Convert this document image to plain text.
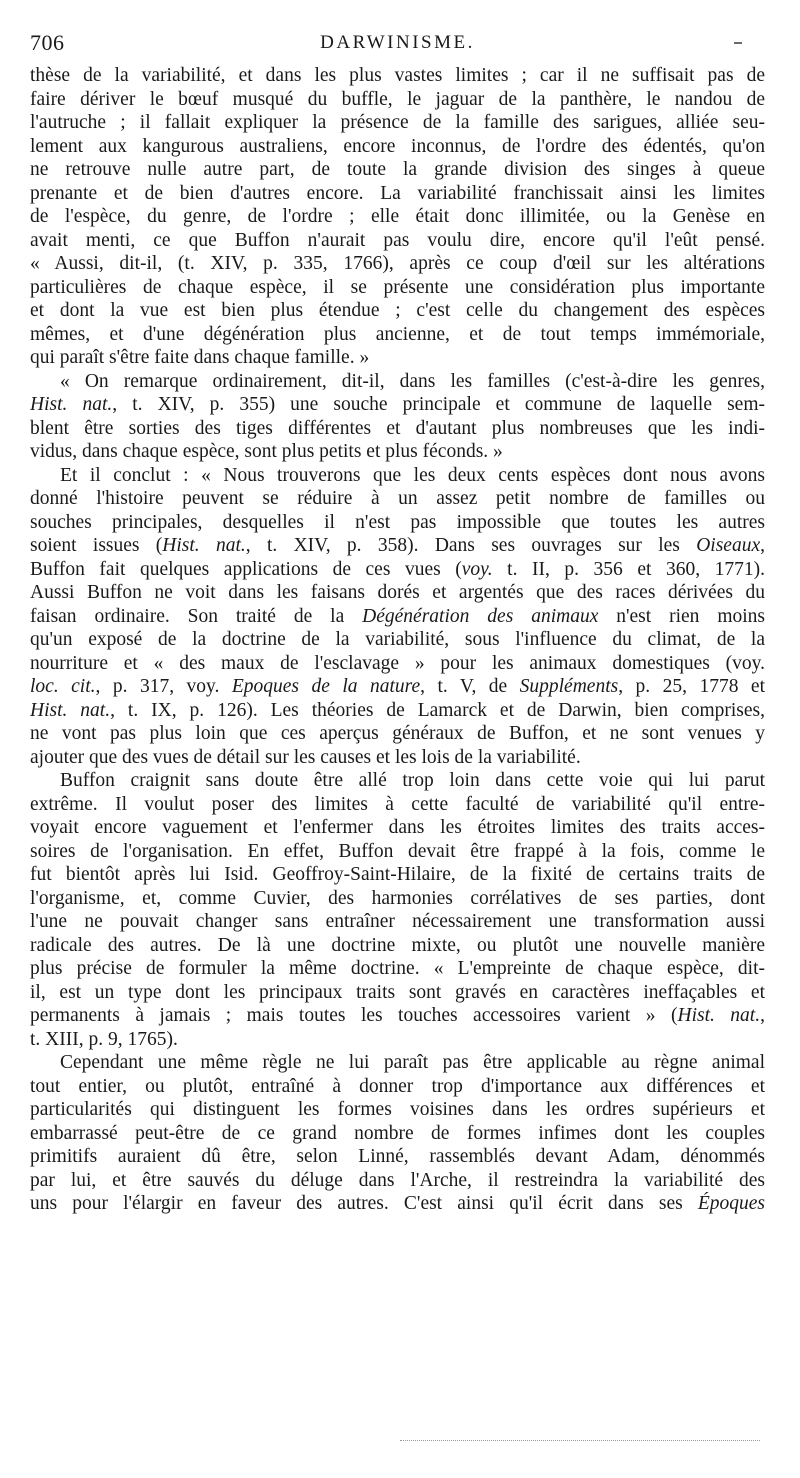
706	DARWINISME.
thèse de la variabilité, et dans les plus vastes limites ; car il ne suffisait pas de
faire dériver le bœuf musqué du buffle, le jaguar de la panthère, le nandou de
l'autruche ; il fallait expliquer la présence de la famille des sarigues, alliée seu-
lement aux kangurous australiens, encore inconnus, de l'ordre des édentés, qu'on
ne retrouve nulle autre part, de toute la grande division des singes à queue
prenante et de bien d'autres encore. La variabilité franchissait ainsi les limites
de l'espèce, du genre, de l'ordre ; elle était donc illimitée, ou la Genèse en
avait menti, ce que Buffon n'aurait pas voulu dire, encore qu'il l'eût pensé.
« Aussi, dit-il, (t. XIV, p. 335, 1766), après ce coup d'œil sur les altérations
particulières de chaque espèce, il se présente une considération plus importante
et dont la vue est bien plus étendue ; c'est celle du changement des espèces
mêmes, et d'une dégénération plus ancienne, et de tout temps immémoriale,
qui paraît s'être faite dans chaque famille. »
« On remarque ordinairement, dit-il, dans les familles (c'est-à-dire les genres,
Hist. nat., t. XIV, p. 355) une souche principale et commune de laquelle sem-
blent être sorties des tiges différentes et d'autant plus nombreuses que les indi-
vidus, dans chaque espèce, sont plus petits et plus féconds. »
Et il conclut : « Nous trouverons que les deux cents espèces dont nous avons
donné l'histoire peuvent se réduire à un assez petit nombre de familles ou
souches principales, desquelles il n'est pas impossible que toutes les autres
soient issues (Hist. nat., t. XIV, p. 358). Dans ses ouvrages sur les Oiseaux,
Buffon fait quelques applications de ces vues (voy. t. II, p. 356 et 360, 1771).
Aussi Buffon ne voit dans les faisans dorés et argentés que des races dérivées du
faisan ordinaire. Son traité de la Dégénération des animaux n'est rien moins
qu'un exposé de la doctrine de la variabilité, sous l'influence du climat, de la
nourriture et « des maux de l'esclavage » pour les animaux domestiques (voy.
loc. cit., p. 317, voy. Epoques de la nature, t. V, de Suppléments, p. 25, 1778 et
Hist. nat., t. IX, p. 126). Les théories de Lamarck et de Darwin, bien comprises,
ne vont pas plus loin que ces aperçus généraux de Buffon, et ne sont venues y
ajouter que des vues de détail sur les causes et les lois de la variabilité.
Buffon craignit sans doute être allé trop loin dans cette voie qui lui parut
extrême. Il voulut poser des limites à cette faculté de variabilité qu'il entre-
voyait encore vaguement et l'enfermer dans les étroites limites des traits acces-
soires de l'organisation. En effet, Buffon devait être frappé à la fois, comme le
fut bientôt après lui Isid. Geoffroy-Saint-Hilaire, de la fixité de certains traits de
l'organisme, et, comme Cuvier, des harmonies corrélatives de ses parties, dont
l'une ne pouvait changer sans entraîner nécessairement une transformation aussi
radicale des autres. De là une doctrine mixte, ou plutôt une nouvelle manière
plus précise de formuler la même doctrine. « L'empreinte de chaque espèce, dit-
il, est un type dont les principaux traits sont gravés en caractères ineffaçables et
permanents à jamais ; mais toutes les touches accessoires varient » (Hist. nat.,
t. XIII, p. 9, 1765).
Cependant une même règle ne lui paraît pas être applicable au règne animal
tout entier, ou plutôt, entraîné à donner trop d'importance aux différences et
particularités qui distinguent les formes voisines dans les ordres supérieurs et
embarrassé peut-être de ce grand nombre de formes infimes dont les couples
primitifs auraient dû être, selon Linné, rassemblés devant Adam, dénommés
par lui, et être sauvés du déluge dans l'Arche, il restreindra la variabilité des
uns pour l'élargir en faveur des autres. C'est ainsi qu'il écrit dans ses Époques
